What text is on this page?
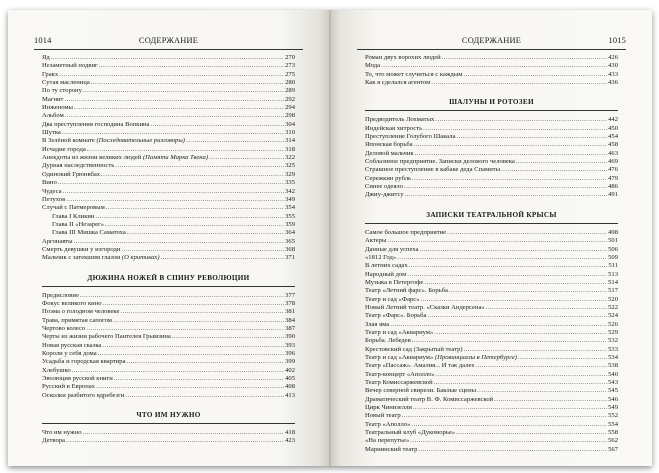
1014	СОДЕРЖАНИЕ
Яд . . .	270
Незаметный подвиг . . .	273
Гракх . . .	275
Сутая масленица . . .	280
По ту сторону . . .	289
Магнит . . .	292
Инженомы . . .	294
Альбом . . .	298
Два преступления господина Вопкина . . .	304
Шутка . . .	310
В Зелёной комнате
(Последовательные разговоры) . . .	314
Исчадие города . . .	318
Анекдоты из жизни великих людей
(Памяти Марка Твена) . . .	322
Дурная наследственность . . .	325
Одинокий Грюнвбах . . .	329
Вино . . .	335
Чудеса . . .	342
Петухов . . .	349
Случай с Патмеровым . . .	354
Глава I Кликин . . .	355
Глава II «Незарег» . . .	359
Глава III Мишка Саматоха . . .	364
Аргонавты . . .	365
Смерть девушки у изгороди . . .	368
Мальчик с затекшим глазом
(О критиках) . . .	371
ДЮЖИНА НОЖЕЙ В СПИНУ РЕВОЛЮЦИИ
Предисловие . . .	377
Фокус великого кино . . .	378
Поэма о голодном человеке . . .	381
Трава, примятая сапогом . . .	384
Чертово колесо . . .	387
Черты из жизни рабочего Пантелея Грымзина . . .	390
Новая русская сказка . . .	393
Короли у себя дома . . .	396
Усадьба и городская квартира . . .	399
Хлебушко . . .	402
Эволюция русской книги . . .	405
Русский в Европах . . .	408
Осколки разбитого вдребезги . . .	413
ЧТО ИМ НУЖНО
Что им нужно . . .	418
Детвора . . .	423
СОДЕРЖАНИЕ	1015
Роман двух ворохих людей . . .	426
Мода . . .	430
То, что может случиться с каждым . . .	433
Как я сделался агентом . . .	436
ШАЛУНЫ И РОТОЗЕИ
Предводитель Лохматых . . .	442
Индейская хитрость . . .	450
Преступление Голубого Шакала . . .	454
Японская борьба . . .	458
Деловой мальчик . . .	463
Соблазнное предприятие. Записки делового человека . . .	469
Страшное преступление в кабаке деда Спамиты . . .	476
Сережкин рубль . . .	479
Синее одеяло . . .	486
Джиу-джитсу . . .	491
ЗАПИСКИ ТЕАТРАЛЬНОЙ КРЫСЫ
Самое большое предприятие . . .	498
Актеры . . .	501
Данные для успеха . . .	506
«1812 Год» . . .	509
В летних садах . . .	511
Народный дом . . .	513
Музыка в Петергофе . . .	514
Театр «Летний фарс». Борьба . . .	517
Театр и сад «Фарс» . . .	520
Новый Летний театр. «Сказки Андерсена» . . .	522
Театр «Фарс». Борьба . . .	524
Злая яма . . .	526
Театр и сад «Аквариум» . . .	529
Борьба. Лебедев . . .	532
Крестовский сад (Закрытый театр) . . .	533
Театр и сад «Аквариум»
(Провинциалы в Петербурге) . . .	534
Театр «Пассаж». Амалия... И так далее . . .	538
Театр-концерт «Аполло» . . .	540
Театр Комиссаржевской . . .	543
Вечер северной свирели. Баклые сцены . . .	545
Драматический театр В. Ф. Комиссаржевской . . .	546
Цирк Чинизелли . . .	549
Новый театр . . .	552
Театр «Аполло» . . .	554
Театральный клуб «Дукоморье» . . .	558
«На перепутье» . . .	562
Мариинский театр . . .	567
